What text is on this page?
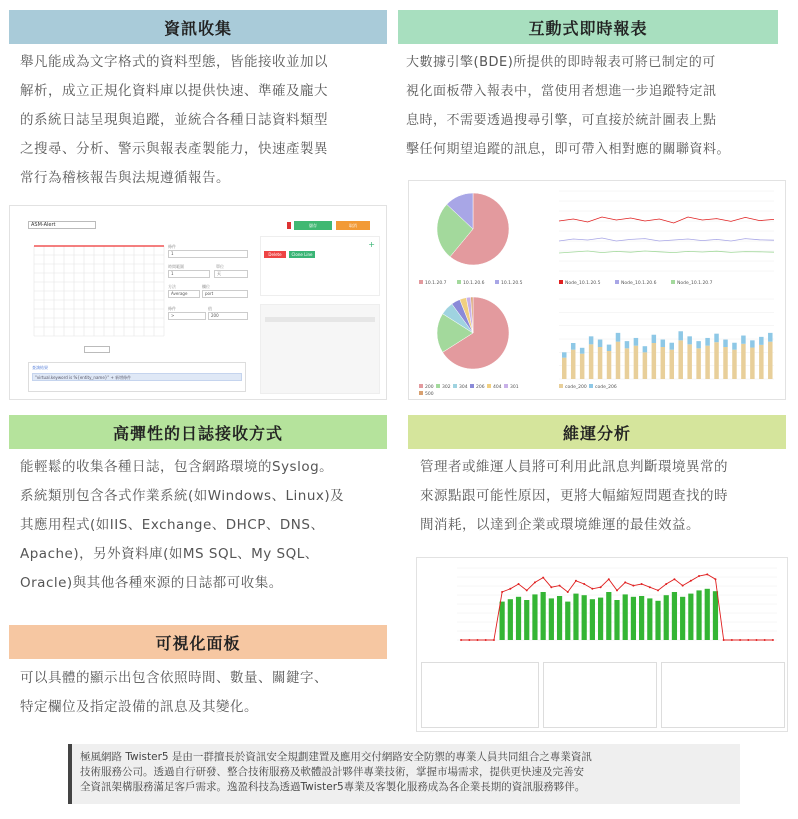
資訊收集	互動式即時報表
高彈性的日誌接收方式	維運分析
可視化面板
舉凡能成為文字格式的資料型態，皆能接收並加以
解析，成立正規化資料庫以提供快速、準確及龐大
的系統日誌呈現與追蹤，並統合各種日誌資料類型
之搜尋、分析、警示與報表產製能力，快速產製異
常行為稽核報告與法規遵循報告。
大數據引擎(BDE)所提供的即時報表可將已制定的可
視化面板帶入報表中，當使用者想進一步追蹤特定訊
息時，不需要透過搜尋引擎，可直接於統計圖表上點
擊任何期望追蹤的訊息，即可帶入相對應的關聯資料。
能輕鬆的收集各種日誌，包含網路環境的Syslog。
系統類別包含各式作業系統(如Windows、Linux)及
其應用程式(如IIS、Exchange、DHCP、DNS、
Apache)，另外資料庫(如MS SQL、My SQL、
Oracle)與其他各種來源的日誌都可收集。
管理者或維運人員將可利用此訊息判斷環境異常的
來源點跟可能性原因，更將大幅縮短問題查找的時
間消耗，以達到企業或環境維運的最佳效益。
可以具體的顯示出包含依照時間、數量、關鍵字、
特定欄位及指定設備的訊息及其變化。
ASM-Alert
查詢結果
"virtual.keyword is %{entity_name}" + 新增條件
條件
1
時間範圍	單位
1	天
方法	欄位
Average	port
條件	值
>	200
儲存	取消
Delete	Clone Line
+
10.1.20.7	10.1.20.6	10.1.20.5	Node_10.1.20.5	Node_10.1.20.6	Node_10.1.20.7
200 302 304 206 404 301
500
code_200 code_206
極風網路 Twister5 是由一群擅長於資訊安全規劃建置及應用交付網路安全防禦的專業人員共同組合之專業資訊
技術服務公司。透過自行研發、整合技術服務及軟體設計夥伴專業技術，掌握市場需求，提供更快速及完善安
全資訊架構服務滿足客戶需求。逸盈科技為透過Twister5專業及客製化服務成為各企業長期的資訊服務夥伴。
